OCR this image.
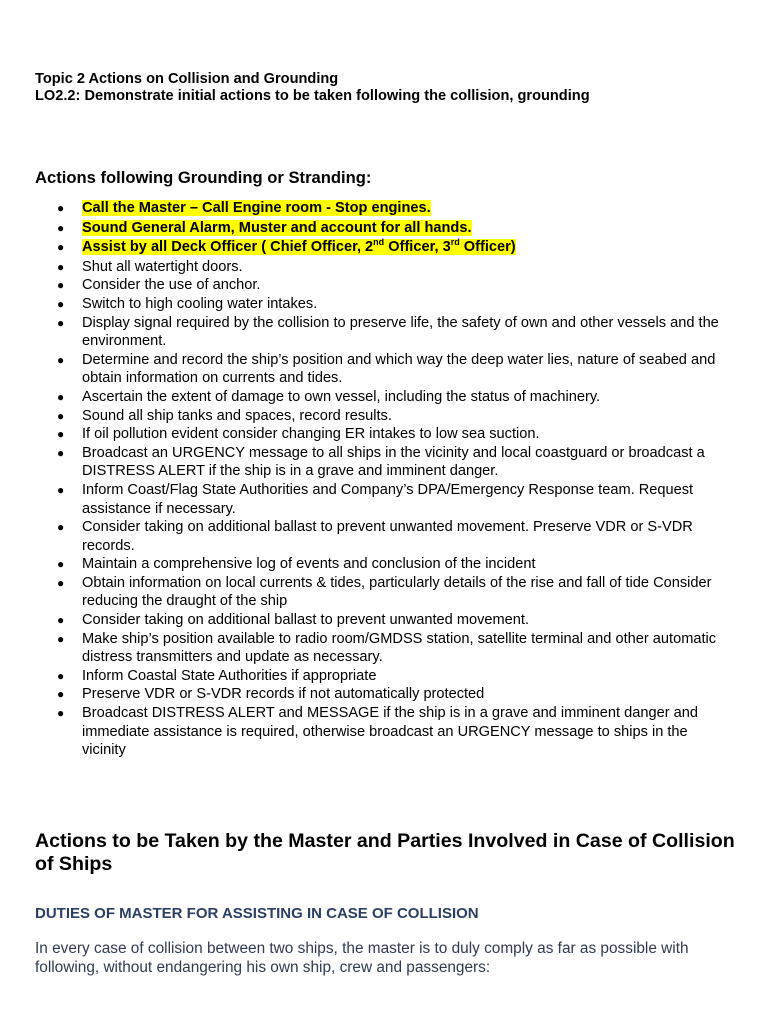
Topic 2 Actions on Collision and Grounding
LO2.2: Demonstrate initial actions to be taken following the collision, grounding
Actions following Grounding or Stranding:
● Call the Master – Call Engine room - Stop engines.
● Sound General Alarm, Muster and account for all hands.
● Assist by all Deck Officer ( Chief Officer, 2nd Officer, 3rd Officer)
● Shut all watertight doors.
● Consider the use of anchor.
● Switch to high cooling water intakes.
● Display signal required by the collision to preserve life, the safety of own and other vessels and the environment.
● Determine and record the ship’s position and which way the deep water lies, nature of seabed and obtain information on currents and tides.
● Ascertain the extent of damage to own vessel, including the status of machinery.
● Sound all ship tanks and spaces, record results.
● If oil pollution evident consider changing ER intakes to low sea suction.
● Broadcast an URGENCY message to all ships in the vicinity and local coastguard or broadcast a DISTRESS ALERT if the ship is in a grave and imminent danger.
● Inform Coast/Flag State Authorities and Company’s DPA/Emergency Response team. Request assistance if necessary.
● Consider taking on additional ballast to prevent unwanted movement. Preserve VDR or S-VDR records.
● Maintain a comprehensive log of events and conclusion of the incident
● Obtain information on local currents & tides, particularly details of the rise and fall of tide Consider reducing the draught of the ship
● Consider taking on additional ballast to prevent unwanted movement.
● Make ship’s position available to radio room/GMDSS station, satellite terminal and other automatic distress transmitters and update as necessary.
● Inform Coastal State Authorities if appropriate
● Preserve VDR or S-VDR records if not automatically protected
● Broadcast DISTRESS ALERT and MESSAGE if the ship is in a grave and imminent danger and immediate assistance is required, otherwise broadcast an URGENCY message to ships in the vicinity
Actions to be Taken by the Master and Parties Involved in Case of Collision of Ships
DUTIES OF MASTER FOR ASSISTING IN CASE OF COLLISION
In every case of collision between two ships, the master is to duly comply as far as possible with following, without endangering his own ship, crew and passengers:
